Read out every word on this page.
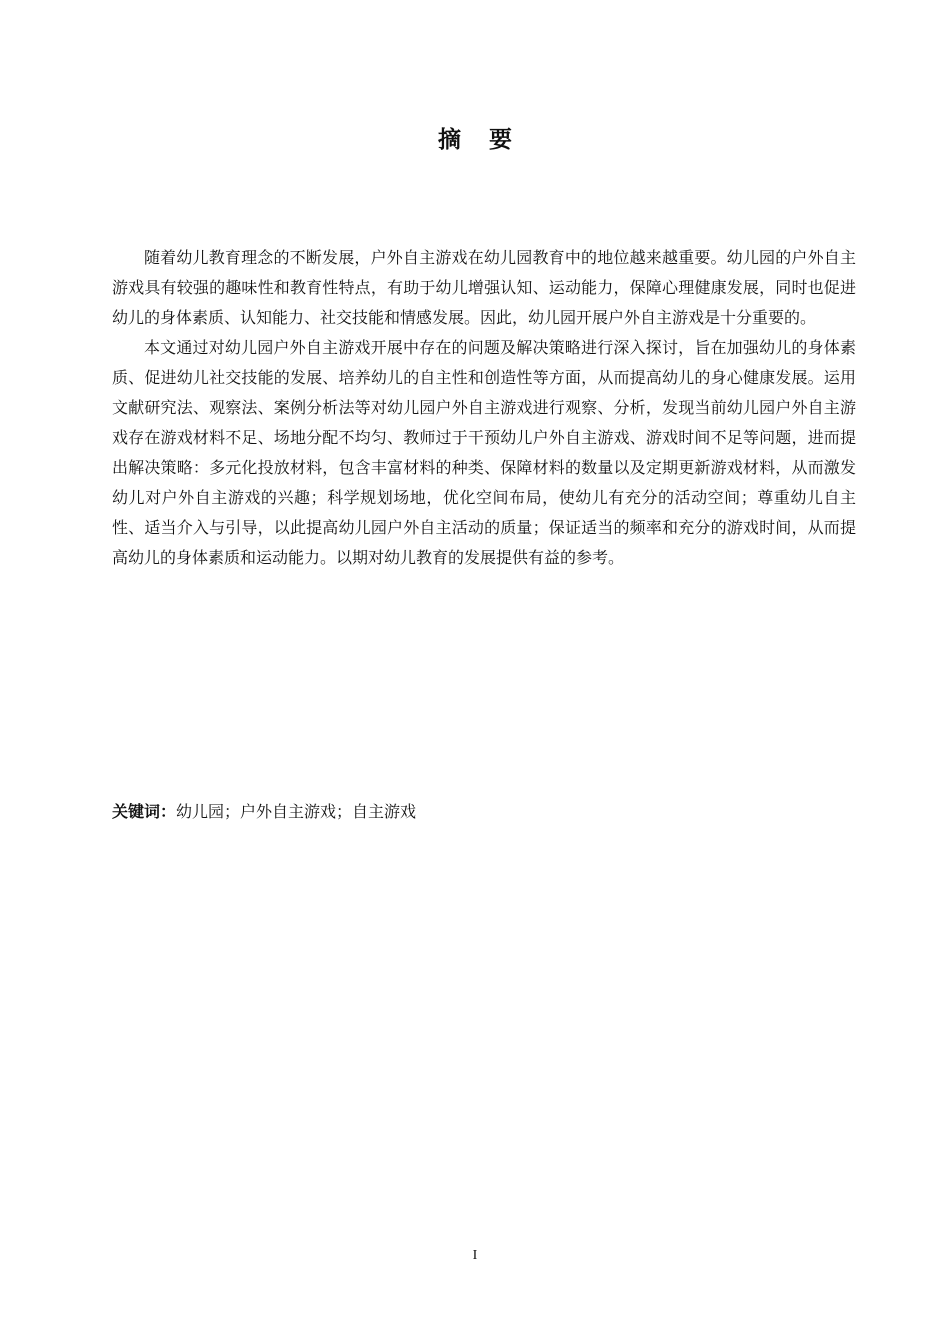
摘要

随着幼儿教育理念的不断发展，户外自主游戏在幼儿园教育中的地位越来越重要。幼儿园的户外自主游戏具有较强的趣味性和教育性特点，有助于幼儿增强认知、运动能力，保障心理健康发展，同时也促进幼儿的身体素质、认知能力、社交技能和情感发展。因此，幼儿园开展户外自主游戏是十分重要的。

本文通过对幼儿园户外自主游戏开展中存在的问题及解决策略进行深入探讨，旨在加强幼儿的身体素质、促进幼儿社交技能的发展、培养幼儿的自主性和创造性等方面，从而提高幼儿的身心健康发展。运用文献研究法、观察法、案例分析法等对幼儿园户外自主游戏进行观察、分析，发现当前幼儿园户外自主游戏存在游戏材料不足、场地分配不均匀、教师过于干预幼儿户外自主游戏、游戏时间不足等问题，进而提出解决策略：多元化投放材料，包含丰富材料的种类、保障材料的数量以及定期更新游戏材料，从而激发幼儿对户外自主游戏的兴趣；科学规划场地，优化空间布局，使幼儿有充分的活动空间；尊重幼儿自主性、适当介入与引导，以此提高幼儿园户外自主活动的质量；保证适当的频率和充分的游戏时间，从而提高幼儿的身体素质和运动能力。以期对幼儿教育的发展提供有益的参考。

关键词：幼儿园；户外自主游戏；自主游戏
I
